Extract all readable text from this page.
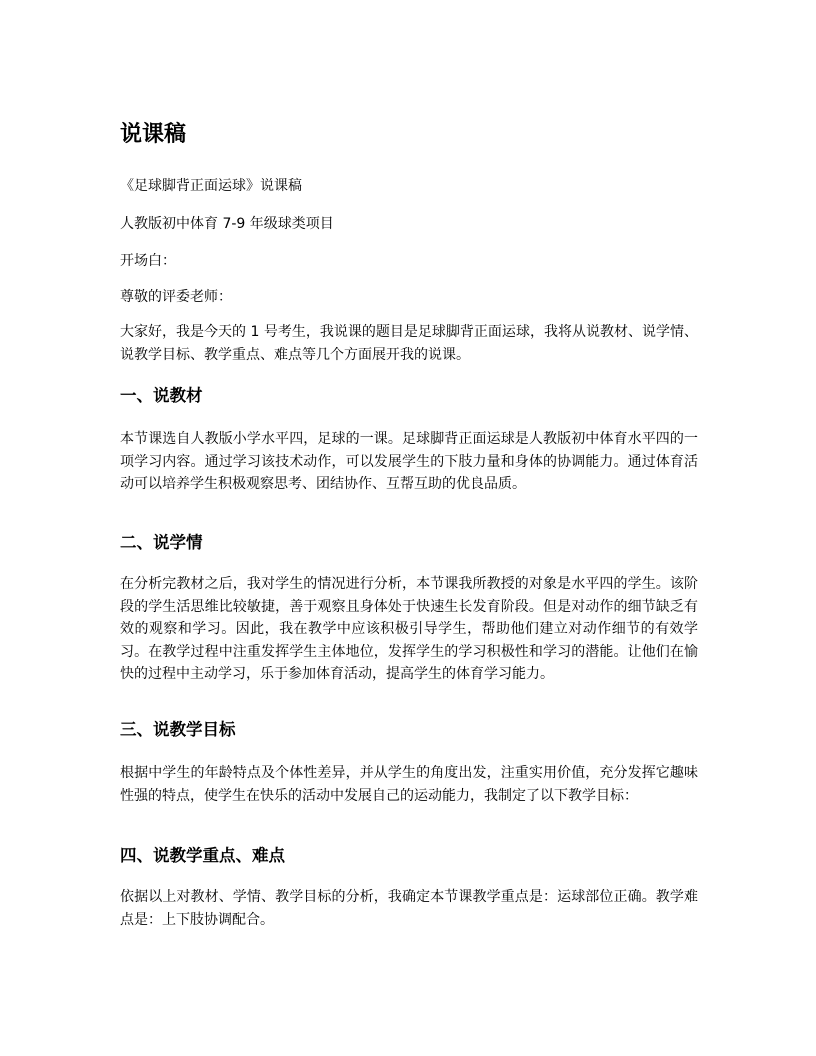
说课稿
《足球脚背正面运球》说课稿
人教版初中体育 7-9 年级球类项目
开场白：
尊敬的评委老师：
大家好，我是今天的 1 号考生，我说课的题目是足球脚背正面运球，我将从说教材、说学情、说教学目标、教学重点、难点等几个方面展开我的说课。
一、说教材
本节课选自人教版小学水平四，足球的一课。足球脚背正面运球是人教版初中体育水平四的一项学习内容。通过学习该技术动作，可以发展学生的下肢力量和身体的协调能力。通过体育活动可以培养学生积极观察思考、团结协作、互帮互助的优良品质。
二、说学情
在分析完教材之后，我对学生的情况进行分析，本节课我所教授的对象是水平四的学生。该阶段的学生活思维比较敏捷，善于观察且身体处于快速生长发育阶段。但是对动作的细节缺乏有效的观察和学习。因此，我在教学中应该积极引导学生，帮助他们建立对动作细节的有效学习。在教学过程中注重发挥学生主体地位，发挥学生的学习积极性和学习的潜能。让他们在愉快的过程中主动学习，乐于参加体育活动，提高学生的体育学习能力。
三、说教学目标
根据中学生的年龄特点及个体性差异，并从学生的角度出发，注重实用价值，充分发挥它趣味性强的特点，使学生在快乐的活动中发展自己的运动能力，我制定了以下教学目标：
四、说教学重点、难点
依据以上对教材、学情、教学目标的分析，我确定本节课教学重点是：运球部位正确。教学难点是：上下肢协调配合。
